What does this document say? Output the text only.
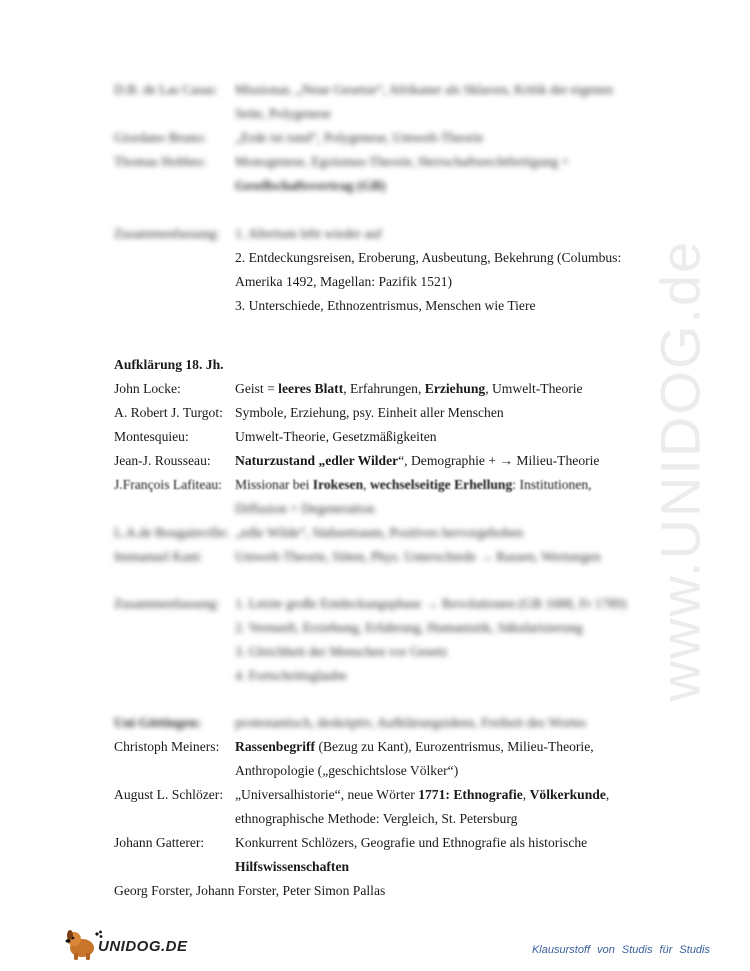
www.UNIDOG.de
D.B. de Las Casas: Missionar, „Neue Gesetze“, Afrikaner als Sklaven, Kritik der eigenen
Seite, Polygenese
Giordano Bruno: „Erde ist rund“, Polygenese, Umwelt-Theorie
Thomas Hobbes: Monogenese, Egoismus-Theorie, Herrschaftsrechtfertigung +
Gesellschaftsvertrag (GB)
Zusammenfassung: 1. Altertum lebt wieder auf
2. Entdeckungsreisen, Eroberung, Ausbeutung, Bekehrung (Columbus:
Amerika 1492, Magellan: Pazifik 1521)
3. Unterschiede, Ethnozentrismus, Menschen wie Tiere
Aufklärung 18. Jh.
John Locke:	Geist = leeres Blatt, Erfahrungen, Erziehung, Umwelt-Theorie
A. Robert J. Turgot: Symbole, Erziehung, psy. Einheit aller Menschen
Montesquieu:	Umwelt-Theorie, Gesetzmäßigkeiten
Jean-J. Rousseau: Naturzustand „edler Wilder“, Demographie + → Milieu-Theorie
J.François Lafiteau: Missionar bei Irokesen, wechselseitige Erhellung: Institutionen,
Diffusion + Degeneration
L.A.de Bougainville: „edle Wilde“, Südseetraum, Positives hervorgehoben
Immanuel Kant: Umwelt-Theorie, Sitten, Phys. Unterschiede → Rassen, Wertungen
Zusammenfassung: 1. Letzte große Entdeckungsphase → Revolutionen (GB 1688, Fr 1789)
2. Vernunft, Erziehung, Erfahrung, Humanistik, Säkularisierung
3. Gleichheit der Menschen vor Gesetz
4. Fortschrittsglaube
Uni Göttingen: protestantisch, deskriptiv, Aufklärungsideen, Freiheit des Wortes
Christoph Meiners: Rassenbegriff (Bezug zu Kant), Eurozentrismus, Milieu-Theorie,
Anthropologie („geschichtslose Völker“)
August L. Schlözer: „Universalhistorie“, neue Wörter 1771: Ethnografie, Völkerkunde,
ethnographische Methode: Vergleich, St. Petersburg
Johann Gatterer: Konkurrent Schlözers, Geografie und Ethnografie als historische
Hilfswissenschaften
Georg Forster, Johann Forster, Peter Simon Pallas
UNIDOG.DE	Klausurstoff von Studis für Studis
